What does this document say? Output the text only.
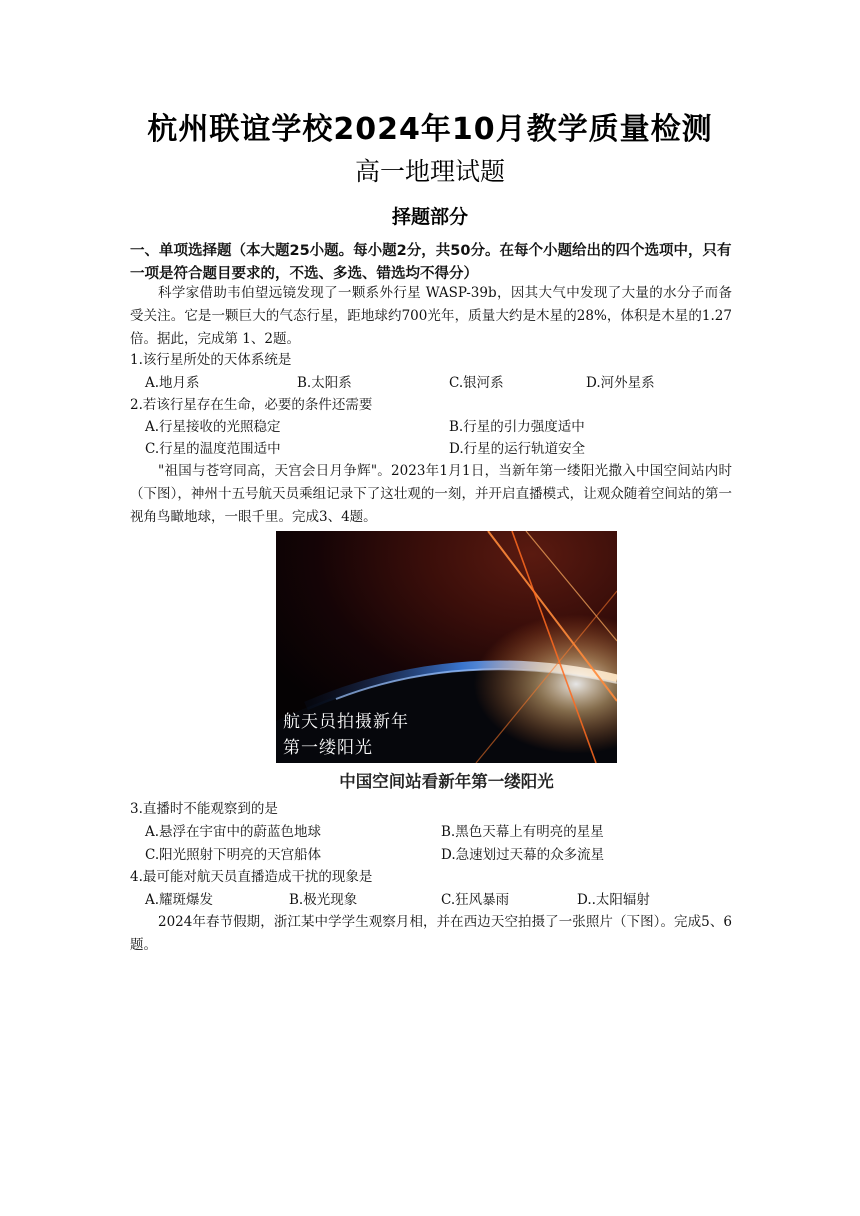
杭州联谊学校2024年10月教学质量检测
高一地理试题
择题部分
一、单项选择题（本大题25小题。每小题2分，共50分。在每个小题给出的四个选项中，只有一项是符合题目要求的，不选、多选、错选均不得分）
科学家借助韦伯望远镜发现了一颗系外行星 WASP-39b，因其大气中发现了大量的水分子而备受关注。它是一颗巨大的气态行星，距地球约700光年，质量大约是木星的28%，体积是木星的1.27倍。据此，完成第 1、2题。
1.该行星所处的天体系统是
A.地月系	B.太阳系	C.银河系	D.河外星系
2.若该行星存在生命，必要的条件还需要
A.行星接收的光照稳定	B.行星的引力强度适中
C.行星的温度范围适中	D.行星的运行轨道安全
"祖国与苍穹同高，天宫会日月争辉"。2023年1月1日，当新年第一缕阳光撒入中国空间站内时（下图），神州十五号航天员乘组记录下了这壮观的一刻，并开启直播模式，让观众随着空间站的第一视角鸟瞰地球，一眼千里。完成3、4题。
航天员拍摄新年
第一缕阳光
中国空间站看新年第一缕阳光
3.直播时不能观察到的是
A.悬浮在宇宙中的蔚蓝色地球	B.黑色天幕上有明亮的星星
C.阳光照射下明亮的天宫船体	D.急速划过天幕的众多流星
4.最可能对航天员直播造成干扰的现象是
A.耀斑爆发	B.极光现象	C.狂风暴雨	D..太阳辐射
2024年春节假期，浙江某中学学生观察月相，并在西边天空拍摄了一张照片（下图）。完成5、6题。
